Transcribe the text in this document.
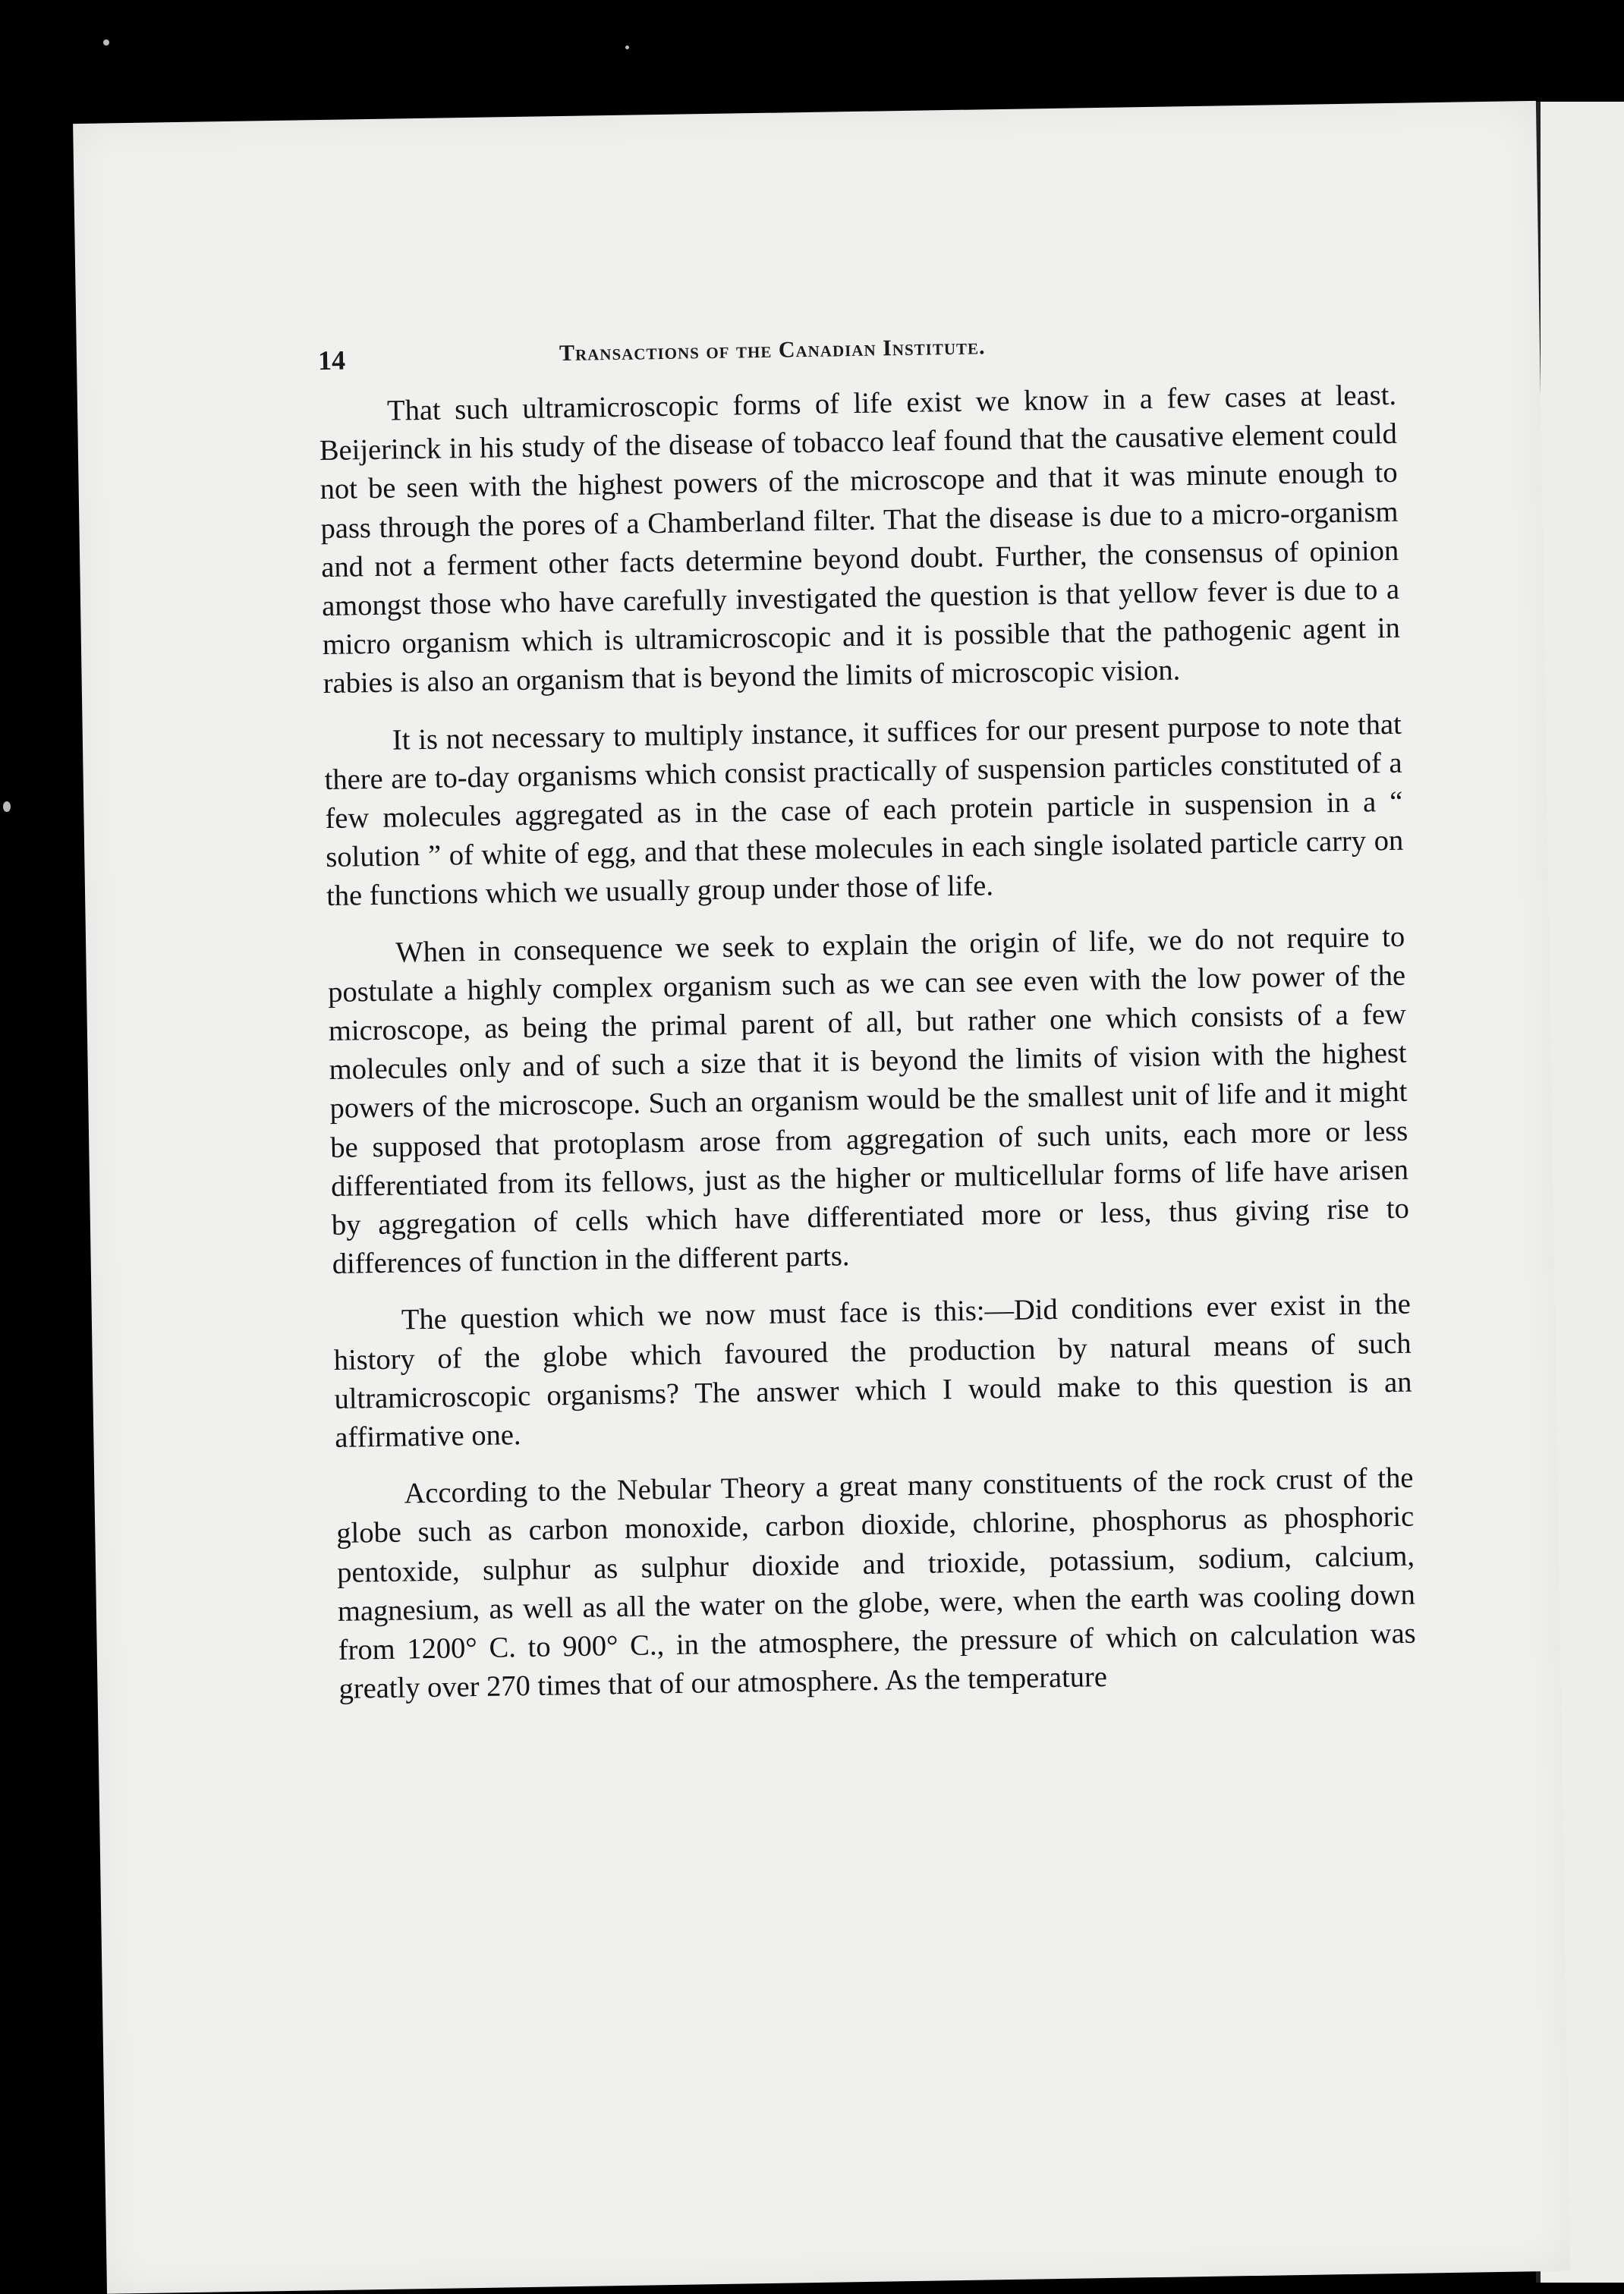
14	Transactions of the Canadian Institute.

That such ultramicroscopic forms of life exist we know in a few cases at least. Beijerinck in his study of the disease of tobacco leaf found that the causative element could not be seen with the highest powers of the microscope and that it was minute enough to pass through the pores of a Chamberland filter. That the disease is due to a micro-organism and not a ferment other facts determine beyond doubt. Further, the consensus of opinion amongst those who have carefully investigated the question is that yellow fever is due to a micro organism which is ultramicroscopic and it is possible that the pathogenic agent in rabies is also an organism that is beyond the limits of microscopic vision.

It is not necessary to multiply instance, it suffices for our present purpose to note that there are to-day organisms which consist practically of suspension particles constituted of a few molecules aggregated as in the case of each protein particle in suspension in a “ solution ” of white of egg, and that these molecules in each single isolated particle carry on the functions which we usually group under those of life.

When in consequence we seek to explain the origin of life, we do not require to postulate a highly complex organism such as we can see even with the low power of the microscope, as being the primal parent of all, but rather one which consists of a few molecules only and of such a size that it is beyond the limits of vision with the highest powers of the microscope. Such an organism would be the smallest unit of life and it might be supposed that protoplasm arose from aggregation of such units, each more or less differentiated from its fellows, just as the higher or multicellular forms of life have arisen by aggregation of cells which have differentiated more or less, thus giving rise to differences of function in the different parts.

The question which we now must face is this:—Did conditions ever exist in the history of the globe which favoured the production by natural means of such ultramicroscopic organisms? The answer which I would make to this question is an affirmative one.

According to the Nebular Theory a great many constituents of the rock crust of the globe such as carbon monoxide, carbon dioxide, chlorine, phosphorus as phosphoric pentoxide, sulphur as sulphur dioxide and trioxide, potassium, sodium, calcium, magnesium, as well as all the water on the globe, were, when the earth was cooling down from 1200° C. to 900° C., in the atmosphere, the pressure of which on calculation was greatly over 270 times that of our atmosphere. As the temperature
